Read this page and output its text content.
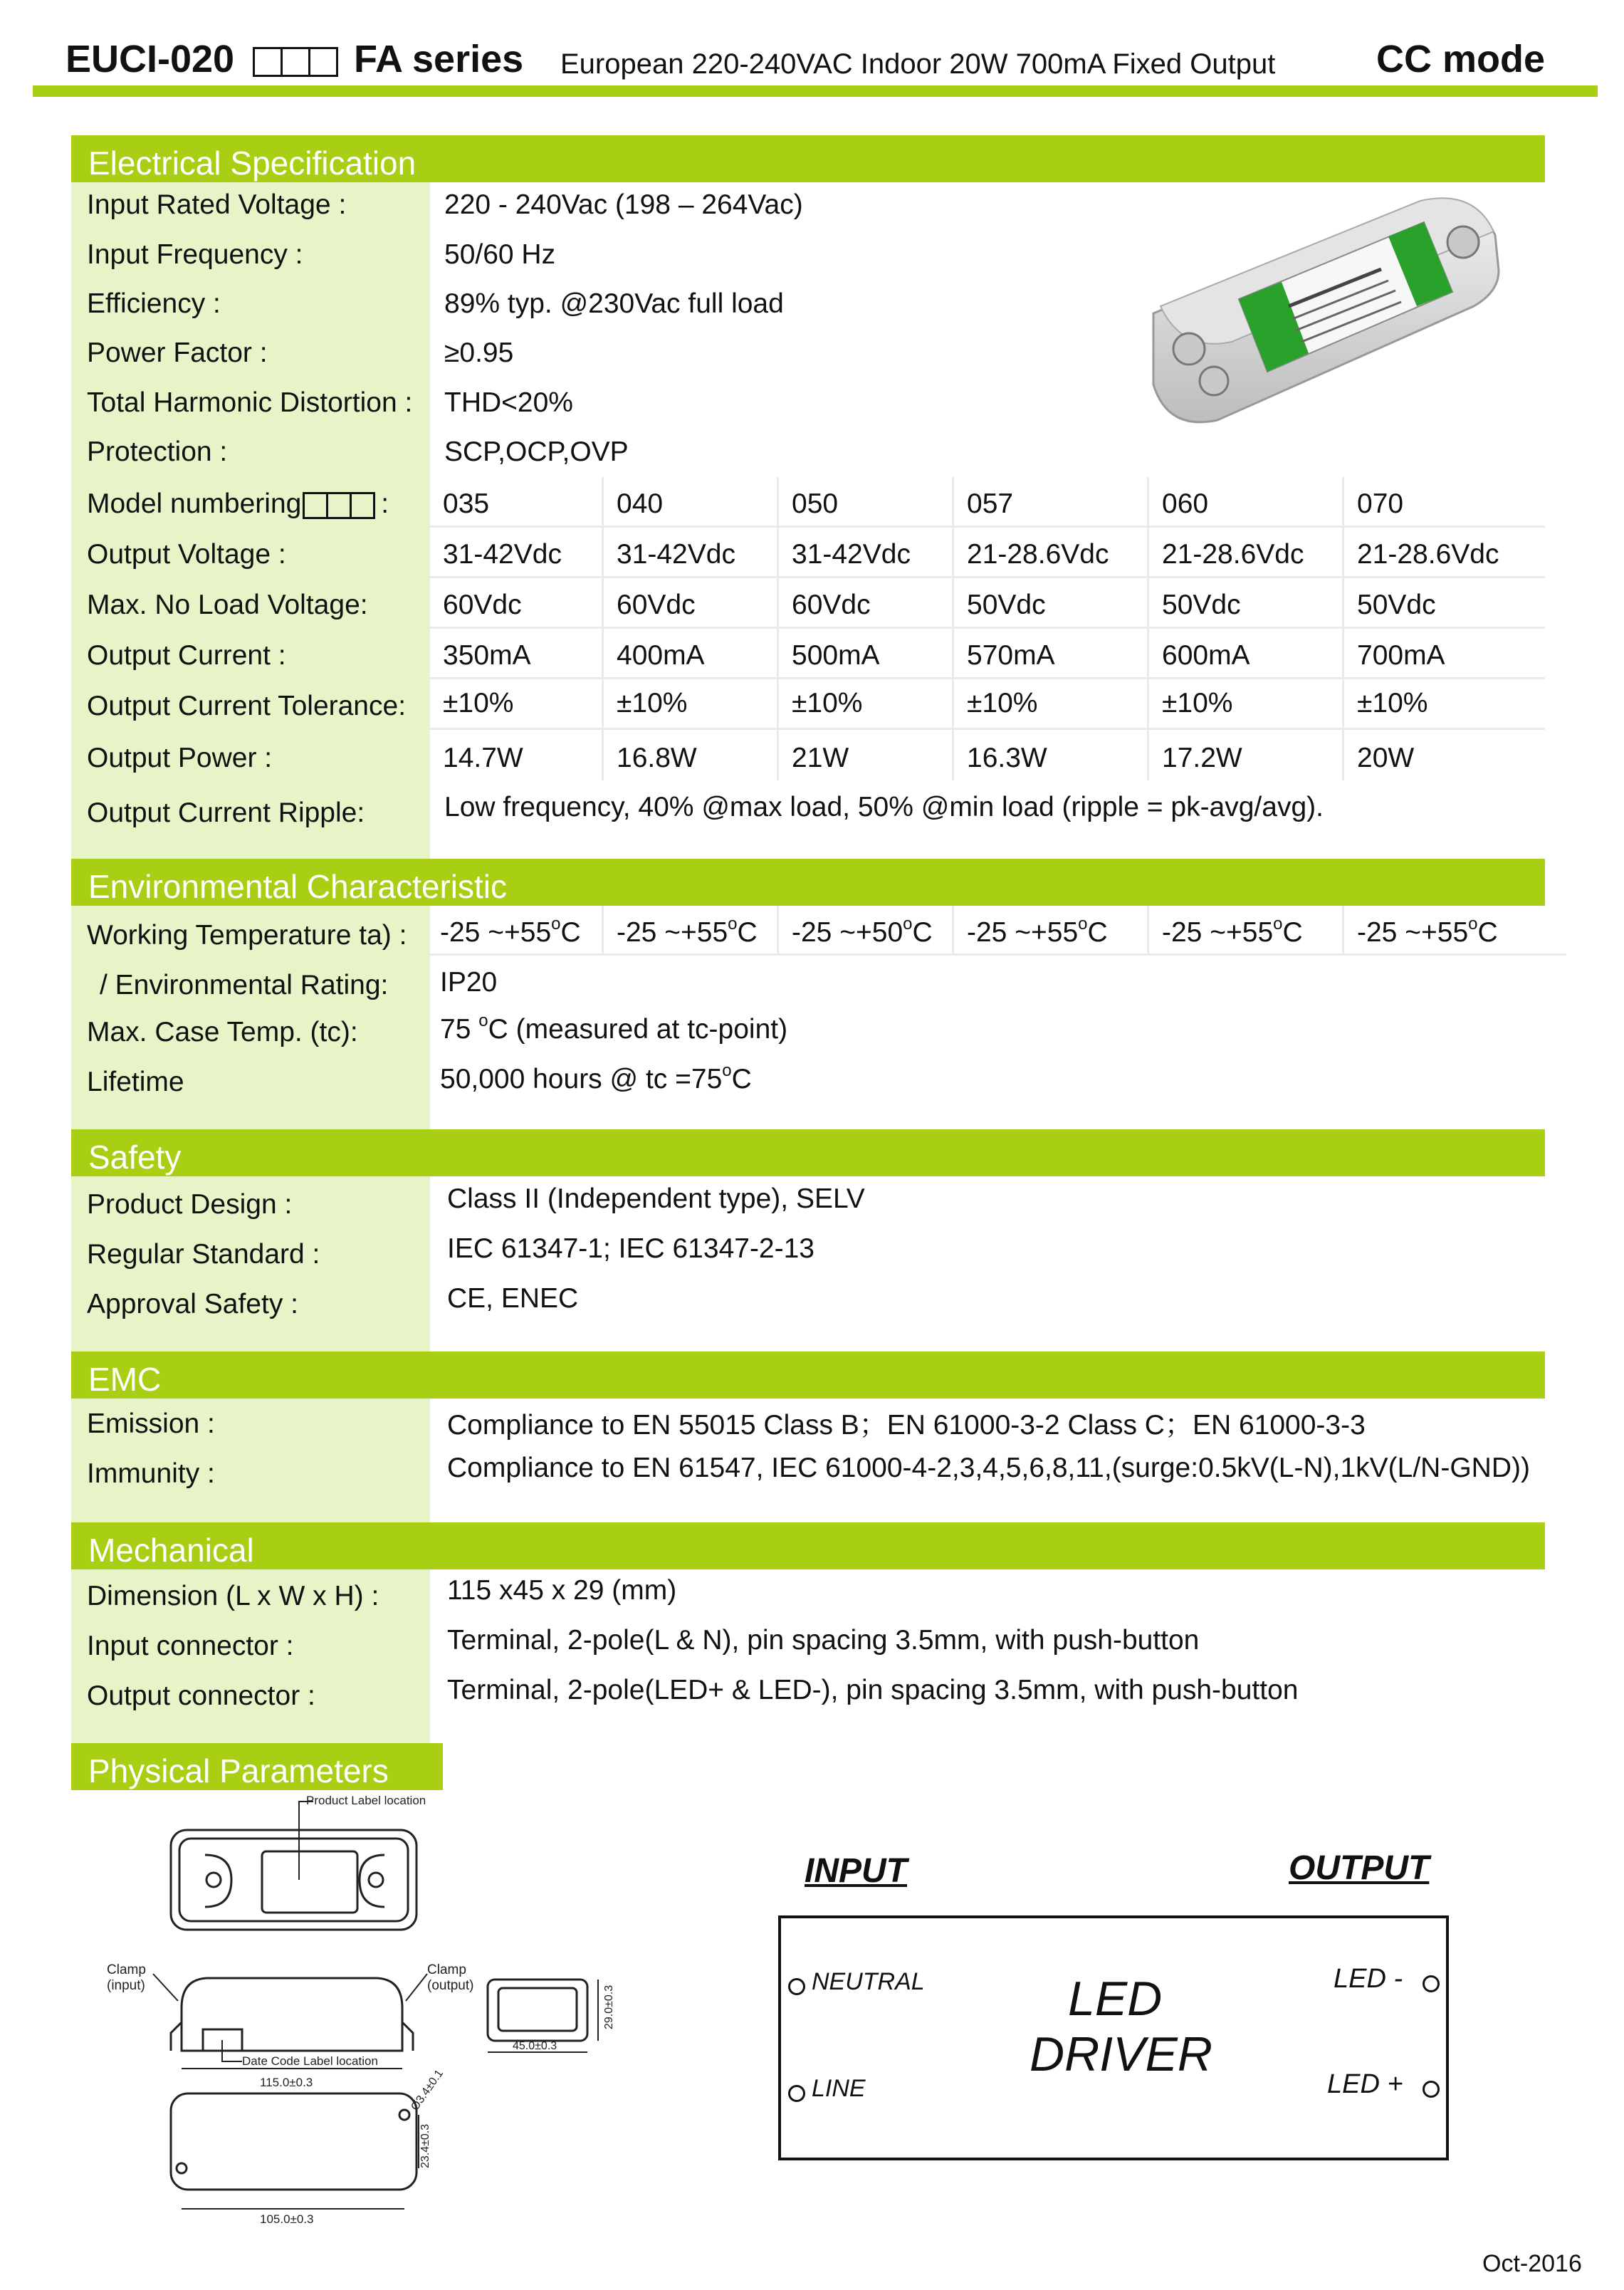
EUCI-020	FA series European 220-240VAC Indoor 20W 700mA Fixed Output	CC mode
Electrical Specification
Input Rated Voltage :	220 - 240Vac (198 – 264Vac)
Input Frequency :	50/60 Hz
Efficiency :	89% typ. @230Vac full load
Power Factor :	≥0.95
Total Harmonic Distortion : THD<20%
Protection :	SCP,OCP,OVP
Model numbering	:	035	040	050	057	060	070
Output Voltage :	31-42Vdc	31-42Vdc	31-42Vdc	21-28.6Vdc	21-28.6Vdc	21-28.6Vdc
Max. No Load Voltage:	60Vdc	60Vdc	60Vdc	50Vdc	50Vdc	50Vdc
Output Current :	350mA	400mA	500mA	570mA	600mA	700mA
Output Current Tolerance:	±10%	±10%	±10%	±10%	±10%	±10%
Output Power :	14.7W	16.8W	21W	16.3W	17.2W	20W
Output Current Ripple:	Low frequency, 40% @max load, 50% @min load (ripple = pk-avg/avg).
Environmental Characteristic
Working Temperature ta) :	-25 $\sim+55^oC$	-25 $\sim+55^oC$	-25 $\sim+50^oC$	-25 $\sim+55^oC$	-25 $\sim+55^oC$	-25 $\sim+55^oC$
/ Environmental Rating: IP20
Max. Case Temp. (tc):	75 $^o$C (measured at tc-point)
Lifetime	50,000 hours @ tc $=75^oC$
Safety
Product Design :	Class II (Independent type), SELV
Regular Standard :	IEC 61347-1; IEC 61347-2-13
Approval Safety :	CE, ENEC
EMC
Emission :	Compliance to EN 55015 Class B；EN 61000-3-2 Class C；EN 61000-3-3
Immunity :	Compliance to EN 61547, IEC 61000-4-2,3,4,5,6,8,11,(surge:0.5kV(L-N),1kV(L/N-GND))
Mechanical
Dimension (L x W x H) : 115 x45 x 29 (mm)
Input connector :	Terminal, 2-pole(L & N), pin spacing 3.5mm, with push-button
Output connector :	Terminal, 2-pole(LED+ & LED-), pin spacing 3.5mm, with push-button
Physical Parameters
Product Label location
115.0±0.3
Date Code Label location
Clamp
(input)
Clamp
(output)
45.0±0.3
29.0±0.3
105.0±0.3
23.4±0.3
Ø3.4±0.1
INPUT	OUTPUT
NEUTRAL
LINE
LED -
LED +
LED
DRIVER
Oct-2016
